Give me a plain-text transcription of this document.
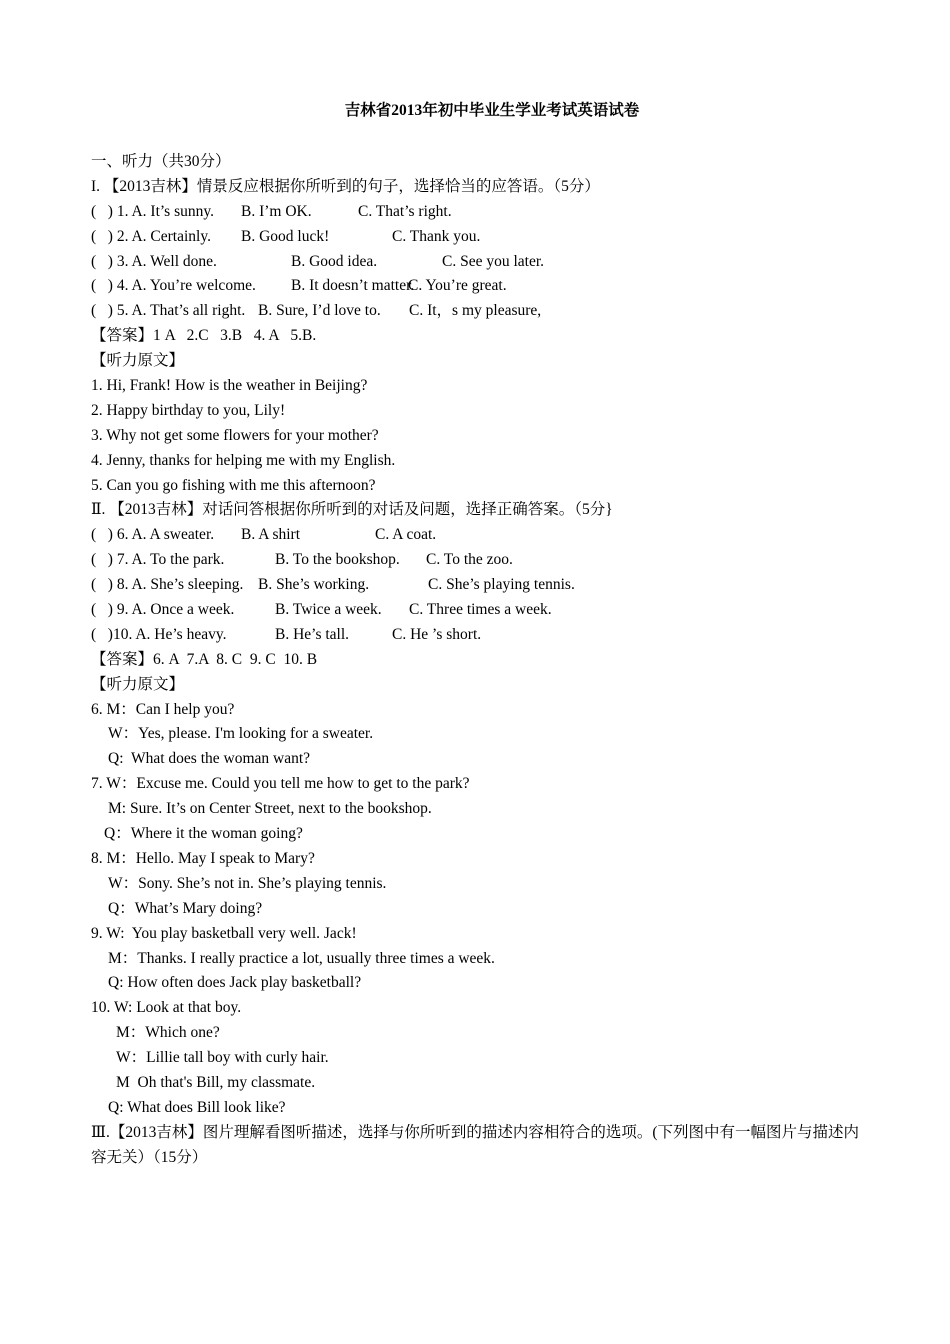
吉林省2013年初中毕业生学业考试英语试卷
一、听力（共30分）
I. 【2013吉林】情景反应根据你所听到的句子，选择恰当的应答语。（5分）
(   ) 1. A. It’s sunny. B. I’m OK.	C. That’s right.
(   ) 2. A. Certainly. B. Good luck!	C. Thank you.
(   ) 3. A. Well done.	B. Good idea.	C. See you later.
(   ) 4. A. You’re welcome. B. It doesn’t matter.C. You’re great.
(   ) 5. A. That’s all right. B. Sure, I’d love to. C. It，s my pleasure,
【答案】1 A   2.C   3.B   4. A   5.B.
【听力原文】
1. Hi, Frank! How is the weather in Beijing?
2. Happy birthday to you, Lily!
3. Why not get some flowers for your mother?
4. Jenny, thanks for helping me with my English.
5. Can you go fishing with me this afternoon?
Ⅱ. 【2013吉林】对话问答根据你所听到的对话及问题，选择正确答案。（5分}
(   ) 6. A. A sweater. B. A shirt	C. A coat.
(   ) 7. A. To the park.	B. To the bookshop. C. To the zoo.
(   ) 8. A. She’s sleeping. B. She’s working.	C. She’s playing tennis.
(   ) 9. A. Once a week.	B. Twice a week. C. Three times a week.
(   )10. A. He’s heavy.	B. He’s tall.	C. He ’s short.
【答案】6. A  7.A  8. C  9. C  10. B
【听力原文】
6. M：Can I help you?
W：Yes, please. I'm looking for a sweater.
Q:  What does the woman want?
7. W：Excuse me. Could you tell me how to get to the park?
M: Sure. It’s on Center Street, next to the bookshop.
Q：Where it the woman going?
8. M：Hello. May I speak to Mary?
W：Sony. She’s not in. She’s playing tennis.
Q：What’s Mary doing?
9. W:  You play basketball very well. Jack!
M：Thanks. I really practice a lot, usually three times a week.
Q: How often does Jack play basketball?
10. W: Look at that boy.
M：Which one?
W：Lillie tall boy with curly hair.
M  Oh that's Bill, my classmate.
Q: What does Bill look like?
Ⅲ.【2013吉林】图片理解看图听描述，选择与你所听到的描述内容相符合的选项。(下列图中有一幅图片与描述内容无关）（15分）
